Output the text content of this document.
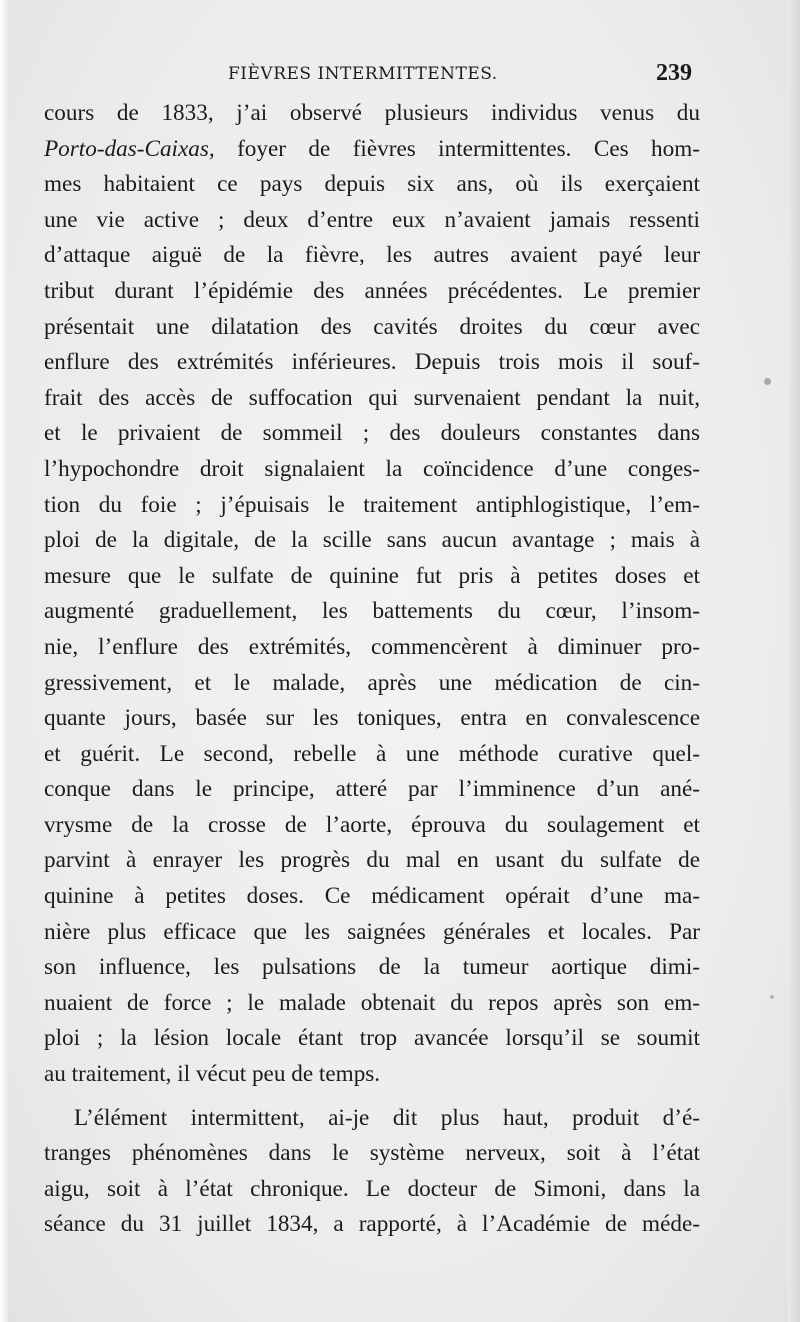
FIÈVRES INTERMITTENTES.	239
cours de 1833, j’ai observé plusieurs individus venus du
Porto-das-Caixas, foyer de fièvres intermittentes. Ces hom-
mes habitaient ce pays depuis six ans, où ils exerçaient
une vie active ; deux d’entre eux n’avaient jamais ressenti
d’attaque aiguë de la fièvre, les autres avaient payé leur
tribut durant l’épidémie des années précédentes. Le premier
présentait une dilatation des cavités droites du cœur avec
enflure des extrémités inférieures. Depuis trois mois il souf-
frait des accès de suffocation qui survenaient pendant la nuit,
et le privaient de sommeil ; des douleurs constantes dans
l’hypochondre droit signalaient la coïncidence d’une conges-
tion du foie ; j’épuisais le traitement antiphlogistique, l’em-
ploi de la digitale, de la scille sans aucun avantage ; mais à
mesure que le sulfate de quinine fut pris à petites doses et
augmenté graduellement, les battements du cœur, l’insom-
nie, l’enflure des extrémités, commencèrent à diminuer pro-
gressivement, et le malade, après une médication de cin-
quante jours, basée sur les toniques, entra en convalescence
et guérit. Le second, rebelle à une méthode curative quel-
conque dans le principe, atteré par l’imminence d’un ané-
vrysme de la crosse de l’aorte, éprouva du soulagement et
parvint à enrayer les progrès du mal en usant du sulfate de
quinine à petites doses. Ce médicament opérait d’une ma-
nière plus efficace que les saignées générales et locales. Par
son influence, les pulsations de la tumeur aortique dimi-
nuaient de force ; le malade obtenait du repos après son em-
ploi ; la lésion locale étant trop avancée lorsqu’il se soumit
au traitement, il vécut peu de temps.
L’élément intermittent, ai-je dit plus haut, produit d’é-
tranges phénomènes dans le système nerveux, soit à l’état
aigu, soit à l’état chronique. Le docteur de Simoni, dans la
séance du 31 juillet 1834, a rapporté, à l’Académie de méde-
